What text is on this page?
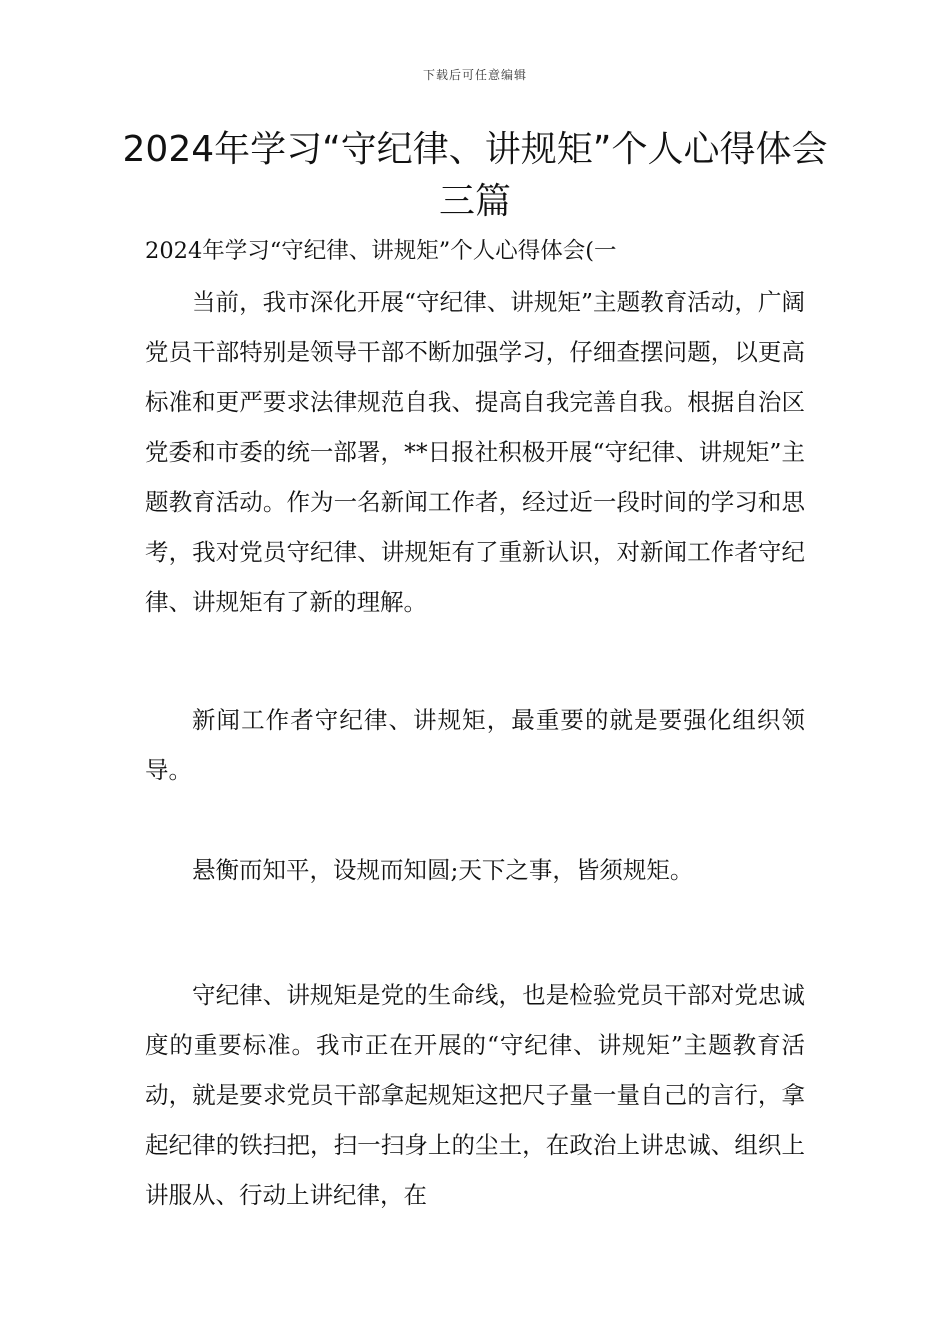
下载后可任意编辑
2024年学习“守纪律、讲规矩”个人心得体会三篇
2024年学习“守纪律、讲规矩”个人心得体会(一

当前，我市深化开展“守纪律、讲规矩”主题教育活动，广阔党员干部特别是领导干部不断加强学习，仔细查摆问题，以更高标准和更严要求法律规范自我、提高自我完善自我。根据自治区党委和市委的统一部署，**日报社积极开展“守纪律、讲规矩”主题教育活动。作为一名新闻工作者，经过近一段时间的学习和思考，我对党员守纪律、讲规矩有了重新认识，对新闻工作者守纪律、讲规矩有了新的理解。

新闻工作者守纪律、讲规矩，最重要的就是要强化组织领导。

悬衡而知平，设规而知圆;天下之事，皆须规矩。

守纪律、讲规矩是党的生命线，也是检验党员干部对党忠诚度的重要标准。我市正在开展的“守纪律、讲规矩”主题教育活动，就是要求党员干部拿起规矩这把尺子量一量自己的言行，拿起纪律的铁扫把，扫一扫身上的尘土，在政治上讲忠诚、组织上讲服从、行动上讲纪律，在
